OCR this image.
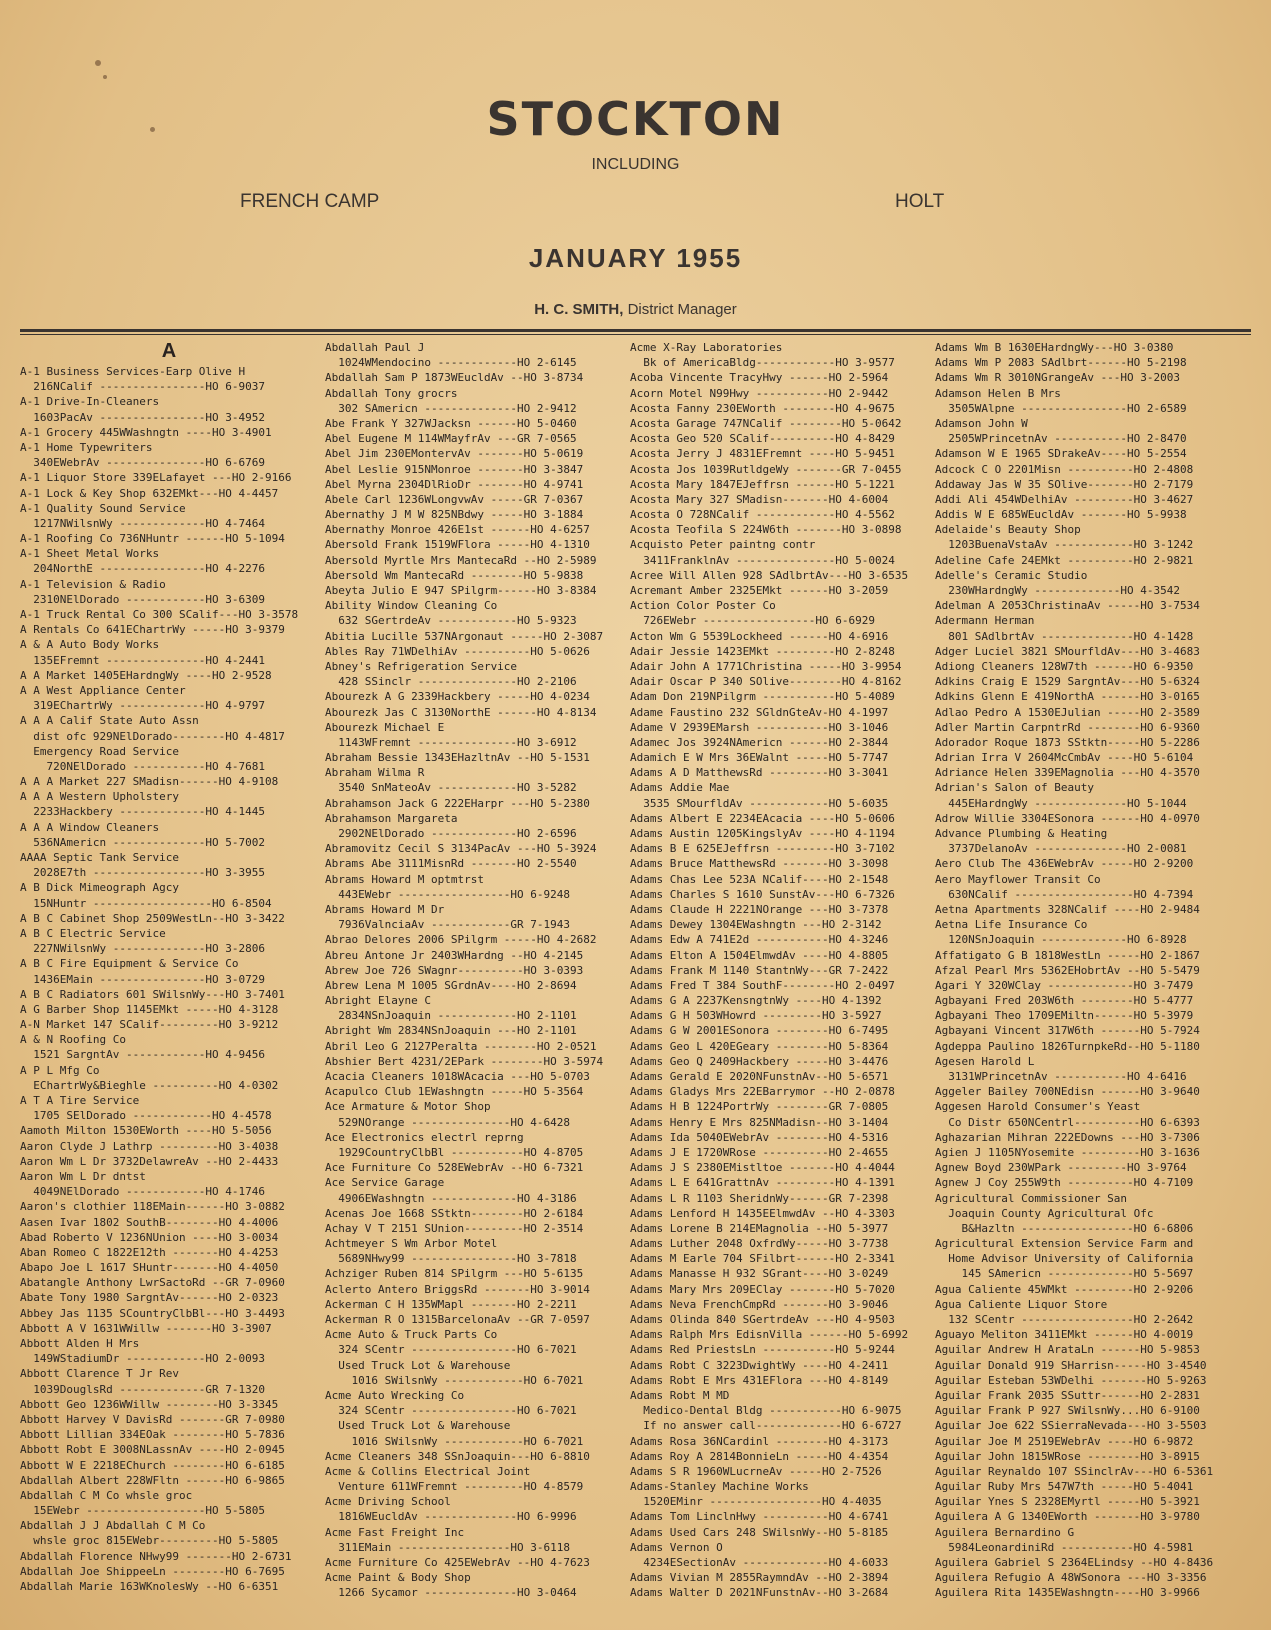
STOCKTON
INCLUDING
FRENCH CAMP	HOLT
JANUARY 1955
H. C. SMITH, District Manager
A
A-1 Business Services-Earp Olive H
216NCalif ----------------HO 6-9037
A-1 Drive-In-Cleaners
1603PacAv ----------------HO 3-4952
A-1 Grocery 445WWashngtn ----HO 3-4901
A-1 Home Typewriters
340EWebrAv ---------------HO 6-6769
A-1 Liquor Store 339ELafayet ---HO 2-9166
A-1 Lock & Key Shop 632EMkt---HO 4-4457
A-1 Quality Sound Service
1217NWilsnWy -------------HO 4-7464
A-1 Roofing Co 736NHuntr ------HO 5-1094
A-1 Sheet Metal Works
204NorthE ----------------HO 4-2276
A-1 Television & Radio
2310NElDorado ------------HO 3-6309
A-1 Truck Rental Co 300 SCalif---HO 3-3578
A Rentals Co 641EChartrWy -----HO 3-9379
A & A Auto Body Works
135EFremnt ---------------HO 4-2441
A A Market 1405EHardngWy ----HO 2-9528
A A West Appliance Center
319EChartrWy -------------HO 4-9797
A A A Calif State Auto Assn
dist ofc 929NElDorado--------HO 4-4817
Emergency Road Service
720NElDorado -----------HO 4-7681
A A A Market 227 SMadisn------HO 4-9108
A A A Western Upholstery
2233Hackbery -------------HO 4-1445
A A A Window Cleaners
536NAmericn --------------HO 5-7002
AAAA Septic Tank Service
2028E7th -----------------HO 3-3955
A B Dick Mimeograph Agcy
15NHuntr ------------------HO 6-8504
A B C Cabinet Shop 2509WestLn--HO 3-3422
A B C Electric Service
227NWilsnWy --------------HO 3-2806
A B C Fire Equipment & Service Co
1436EMain ----------------HO 3-0729
A B C Radiators 601 SWilsnWy---HO 3-7401
A G Barber Shop 1145EMkt -----HO 4-3128
A-N Market 147 SCalif---------HO 3-9212
A & N Roofing Co
1521 SargntAv ------------HO 4-9456
A P L Mfg Co
EChartrWy&Bieghle ----------HO 4-0302
A T A Tire Service
1705 SElDorado ------------HO 4-4578
Aamoth Milton 1530EWorth ----HO 5-5056
Aaron Clyde J Lathrp ---------HO 3-4038
Aaron Wm L Dr 3732DelawreAv --HO 2-4433
Aaron Wm L Dr dntst
4049NElDorado ------------HO 4-1746
Aaron's clothier 118EMain------HO 3-0882
Aasen Ivar 1802 SouthB--------HO 4-4006
Abad Roberto V 1236NUnion ----HO 3-0034
Aban Romeo C 1822E12th -------HO 4-4253
Abapo Joe L 1617 SHuntr-------HO 4-4050
Abatangle Anthony LwrSactoRd --GR 7-0960
Abate Tony 1980 SargntAv------HO 2-0323
Abbey Jas 1135 SCountryClbBl---HO 3-4493
Abbott A V 1631WWillw -------HO 3-3907
Abbott Alden H Mrs
149WStadiumDr ------------HO 2-0093
Abbott Clarence T Jr Rev
1039DouglsRd -------------GR 7-1320
Abbott Geo 1236WWillw --------HO 3-3345
Abbott Harvey V DavisRd -------GR 7-0980
Abbott Lillian 334EOak --------HO 5-7836
Abbott Robt E 3008NLassnAv ----HO 2-0945
Abbott W E 2218EChurch --------HO 6-6185
Abdallah Albert 228WFltn ------HO 6-9865
Abdallah C M Co whsle groc
15EWebr ------------------HO 5-5805
Abdallah J J Abdallah C M Co
whsle groc 815EWebr---------HO 5-5805
Abdallah Florence NHwy99 -------HO 2-6731
Abdallah Joe ShippeeLn --------HO 6-7695
Abdallah Marie 163WKnolesWy --HO 6-6351
Abdallah Paul J
1024WMendocino ------------HO 2-6145
Abdallah Sam P 1873WEucldAv --HO 3-8734
Abdallah Tony grocrs
302 SAmericn --------------HO 2-9412
Abe Frank Y 327WJacksn ------HO 5-0460
Abel Eugene M 114WMayfrAv ---GR 7-0565
Abel Jim 230EMontervAv -------HO 5-0619
Abel Leslie 915NMonroe -------HO 3-3847
Abel Myrna 2304DlRioDr -------HO 4-9741
Abele Carl 1236WLongvwAv -----GR 7-0367
Abernathy J M W 825NBdwy -----HO 3-1884
Abernathy Monroe 426E1st ------HO 4-6257
Abersold Frank 1519WFlora -----HO 4-1310
Abersold Myrtle Mrs MantecaRd --HO 2-5989
Abersold Wm MantecaRd --------HO 5-9838
Abeyta Julio E 947 SPilgrm------HO 3-8384
Ability Window Cleaning Co
632 SGertrdeAv ------------HO 5-9323
Abitia Lucille 537NArgonaut -----HO 2-3087
Ables Ray 71WDelhiAv ----------HO 5-0626
Abney's Refrigeration Service
428 SSinclr ---------------HO 2-2106
Abourezk A G 2339Hackbery -----HO 4-0234
Abourezk Jas C 3130NorthE ------HO 4-8134
Abourezk Michael E
1143WFremnt ---------------HO 3-6912
Abraham Bessie 1343EHazltnAv --HO 5-1531
Abraham Wilma R
3540 SnMateoAv ------------HO 3-5282
Abrahamson Jack G 222EHarpr ---HO 5-2380
Abrahamson Margareta
2902NElDorado -------------HO 2-6596
Abramovitz Cecil S 3134PacAv ---HO 5-3924
Abrams Abe 3111MisnRd -------HO 2-5540
Abrams Howard M optmtrst
443EWebr -----------------HO 6-9248
Abrams Howard M Dr
7936ValnciaAv ------------GR 7-1943
Abrao Delores 2006 SPilgrm -----HO 4-2682
Abreu Antone Jr 2403WHardng --HO 4-2145
Abrew Joe 726 SWagnr----------HO 3-0393
Abrew Lena M 1005 SGrdnAv----HO 2-8694
Abright Elayne C
2834NSnJoaquin ------------HO 2-1101
Abright Wm 2834NSnJoaquin ---HO 2-1101
Abril Leo G 2127Peralta --------HO 2-0521
Abshier Bert 4231/2EPark --------HO 3-5974
Acacia Cleaners 1018WAcacia ---HO 5-0703
Acapulco Club 1EWashngtn -----HO 5-3564
Ace Armature & Motor Shop
529NOrange ---------------HO 4-6428
Ace Electronics electrl reprng
1929CountryClbBl -----------HO 4-8705
Ace Furniture Co 528EWebrAv --HO 6-7321
Ace Service Garage
4906EWashngtn -------------HO 4-3186
Acenas Joe 1668 SStktn--------HO 2-6184
Achay V T 2151 SUnion---------HO 2-3514
Achtmeyer S Wm Arbor Motel
5689NHwy99 ----------------HO 3-7818
Achziger Ruben 814 SPilgrm ---HO 5-6135
Aclerto Antero BriggsRd -------HO 3-9014
Ackerman C H 135WMapl -------HO 2-2211
Ackerman R O 1315BarcelonaAv --GR 7-0597
Acme Auto & Truck Parts Co
324 SCentr ----------------HO 6-7021
Used Truck Lot & Warehouse
1016 SWilsnWy ------------HO 6-7021
Acme Auto Wrecking Co
324 SCentr ----------------HO 6-7021
Used Truck Lot & Warehouse
1016 SWilsnWy ------------HO 6-7021
Acme Cleaners 348 SSnJoaquin---HO 6-8810
Acme & Collins Electrical Joint
Venture 611WFremnt ---------HO 4-8579
Acme Driving School
1816WEucldAv --------------HO 6-9996
Acme Fast Freight Inc
311EMain -----------------HO 3-6118
Acme Furniture Co 425EWebrAv --HO 4-7623
Acme Paint & Body Shop
1266 Sycamor --------------HO 3-0464
Acme X-Ray Laboratories
Bk of AmericaBldg------------HO 3-9577
Acoba Vincente TracyHwy ------HO 2-5964
Acorn Motel N99Hwy -----------HO 2-9442
Acosta Fanny 230EWorth --------HO 4-9675
Acosta Garage 747NCalif --------HO 5-0642
Acosta Geo 520 SCalif----------HO 4-8429
Acosta Jerry J 4831EFremnt ----HO 5-9451
Acosta Jos 1039RutldgeWy -------GR 7-0455
Acosta Mary 1847EJeffrsn ------HO 5-1221
Acosta Mary 327 SMadisn-------HO 4-6004
Acosta O 728NCalif ------------HO 4-5562
Acosta Teofila S 224W6th -------HO 3-0898
Acquisto Peter paintng contr
3411FranklnAv ---------------HO 5-0024
Acree Will Allen 928 SAdlbrtAv---HO 3-6535
Acremant Amber 2325EMkt ------HO 3-2059
Action Color Poster Co
726EWebr -----------------HO 6-6929
Acton Wm G 5539Lockheed ------HO 4-6916
Adair Jessie 1423EMkt ---------HO 2-8248
Adair John A 1771Christina -----HO 3-9954
Adair Oscar P 340 SOlive--------HO 4-8162
Adam Don 219NPilgrm -----------HO 5-4089
Adame Faustino 232 SGldnGteAv-HO 4-1997
Adame V 2939EMarsh -----------HO 3-1046
Adamec Jos 3924NAmericn ------HO 2-3844
Adamich E W Mrs 36EWalnt -----HO 5-7747
Adams A D MatthewsRd ---------HO 3-3041
Adams Addie Mae
3535 SMourfldAv ------------HO 5-6035
Adams Albert E 2234EAcacia ----HO 5-0606
Adams Austin 1205KingslyAv ----HO 4-1194
Adams B E 625EJeffrsn ---------HO 3-7102
Adams Bruce MatthewsRd -------HO 3-3098
Adams Chas Lee 523A NCalif----HO 2-1548
Adams Charles S 1610 SunstAv---HO 6-7326
Adams Claude H 2221NOrange ---HO 3-7378
Adams Dewey 1304EWashngtn ---HO 2-3142
Adams Edw A 741E2d -----------HO 4-3246
Adams Elton A 1504ElmwdAv ----HO 4-8805
Adams Frank M 1140 StantnWy---GR 7-2422
Adams Fred T 384 SouthF--------HO 2-0497
Adams G A 2237KensngtnWy ----HO 4-1392
Adams G H 503WHowrd ---------HO 3-5927
Adams G W 2001ESonora --------HO 6-7495
Adams Geo L 420EGeary --------HO 5-8364
Adams Geo Q 2409Hackbery -----HO 3-4476
Adams Gerald E 2020NFunstnAv--HO 5-6571
Adams Gladys Mrs 22EBarrymor --HO 2-0878
Adams H B 1224PortrWy --------GR 7-0805
Adams Henry E Mrs 825NMadisn--HO 3-1404
Adams Ida 5040EWebrAv --------HO 4-5316
Adams J E 1720WRose ----------HO 2-4655
Adams J S 2380EMistltoe -------HO 4-4044
Adams L E 641GrattnAv ---------HO 4-1391
Adams L R 1103 SheridnWy------GR 7-2398
Adams Lenford H 1435EElmwdAv --HO 4-3303
Adams Lorene B 214EMagnolia --HO 5-3977
Adams Luther 2048 OxfrdWy-----HO 3-7738
Adams M Earle 704 SFilbrt------HO 2-3341
Adams Manasse H 932 SGrant----HO 3-0249
Adams Mary Mrs 209EClay -------HO 5-7020
Adams Neva FrenchCmpRd -------HO 3-9046
Adams Olinda 840 SGertrdeAv ---HO 4-9503
Adams Ralph Mrs EdisnVilla ------HO 5-6992
Adams Red PriestsLn -----------HO 5-9244
Adams Robt C 3223DwightWy ----HO 4-2411
Adams Robt E Mrs 431EFlora ---HO 4-8149
Adams Robt M MD
Medico-Dental Bldg -----------HO 6-9075
If no answer call-------------HO 6-6727
Adams Rosa 36NCardinl --------HO 4-3173
Adams Roy A 2814BonnieLn -----HO 4-4354
Adams S R 1960WLucrneAv -----HO 2-7526
Adams-Stanley Machine Works
1520EMinr -----------------HO 4-4035
Adams Tom LinclnHwy ----------HO 4-6741
Adams Used Cars 248 SWilsnWy--HO 5-8185
Adams Vernon O
4234ESectionAv -------------HO 4-6033
Adams Vivian M 2855RaymndAv --HO 2-3894
Adams Walter D 2021NFunstnAv--HO 3-2684
Adams Wm B 1630EHardngWy---HO 3-0380
Adams Wm P 2083 SAdlbrt------HO 5-2198
Adams Wm R 3010NGrangeAv ---HO 3-2003
Adamson Helen B Mrs
3505WAlpne ----------------HO 2-6589
Adamson John W
2505WPrincetnAv -----------HO 2-8470
Adamson W E 1965 SDrakeAv----HO 5-2554
Adcock C O 2201Misn ----------HO 2-4808
Addaway Jas W 35 SOlive-------HO 2-7179
Addi Ali 454WDelhiAv ---------HO 3-4627
Addis W E 685WEucldAv -------HO 5-9938
Adelaide's Beauty Shop
1203BuenaVstaAv ------------HO 3-1242
Adeline Cafe 24EMkt ----------HO 2-9821
Adelle's Ceramic Studio
230WHardngWy -------------HO 4-3542
Adelman A 2053ChristinaAv -----HO 3-7534
Adermann Herman
801 SAdlbrtAv --------------HO 4-1428
Adger Luciel 3821 SMourfldAv---HO 3-4683
Adiong Cleaners 128W7th ------HO 6-9350
Adkins Craig E 1529 SargntAv---HO 5-6324
Adkins Glenn E 419NorthA ------HO 3-0165
Adlao Pedro A 1530EJulian -----HO 2-3589
Adler Martin CarpntrRd --------HO 6-9360
Adorador Roque 1873 SStktn-----HO 5-2286
Adrian Irra V 2604McCmbAv ----HO 5-6104
Adriance Helen 339EMagnolia ---HO 4-3570
Adrian's Salon of Beauty
445EHardngWy --------------HO 5-1044
Adrow Willie 3304ESonora ------HO 4-0970
Advance Plumbing & Heating
3737DelanoAv --------------HO 2-0081
Aero Club The 436EWebrAv -----HO 2-9200
Aero Mayflower Transit Co
630NCalif ------------------HO 4-7394
Aetna Apartments 328NCalif ----HO 2-9484
Aetna Life Insurance Co
120NSnJoaquin -------------HO 6-8928
Affatigato G B 1818WestLn -----HO 2-1867
Afzal Pearl Mrs 5362EHobrtAv --HO 5-5479
Agari Y 320WClay -------------HO 3-7479
Agbayani Fred 203W6th --------HO 5-4777
Agbayani Theo 1709EMiltn------HO 5-3979
Agbayani Vincent 317W6th ------HO 5-7924
Agdeppa Paulino 1826TurnpkeRd--HO 5-1180
Agesen Harold L
3131WPrincetnAv -----------HO 4-6416
Aggeler Bailey 700NEdisn ------HO 3-9640
Aggesen Harold Consumer's Yeast
Co Distr 650NCentrl----------HO 6-6393
Aghazarian Mihran 222EDowns ---HO 3-7306
Agien J 1105NYosemite ---------HO 3-1636
Agnew Boyd 230WPark ---------HO 3-9764
Agnew J Coy 255W9th ----------HO 4-7109
Agricultural Commissioner San
Joaquin County Agricultural Ofc
B&Hazltn -----------------HO 6-6806
Agricultural Extension Service Farm and
Home Advisor University of California
145 SAmericn -------------HO 5-5697
Agua Caliente 45WMkt ---------HO 2-9206
Agua Caliente Liquor Store
132 SCentr -----------------HO 2-2642
Aguayo Meliton 3411EMkt ------HO 4-0019
Aguilar Andrew H ArataLn ------HO 5-9853
Aguilar Donald 919 SHarrisn-----HO 3-4540
Aguilar Esteban 53WDelhi -------HO 5-9263
Aguilar Frank 2035 SSuttr------HO 2-2831
Aguilar Frank P 927 SWilsnWy...HO 6-9100
Aguilar Joe 622 SSierraNevada---HO 3-5503
Aguilar Joe M 2519EWebrAv ----HO 6-9872
Aguilar John 1815WRose --------HO 3-8915
Aguilar Reynaldo 107 SSinclrAv---HO 6-5361
Aguilar Ruby Mrs 547W7th -----HO 5-4041
Aguilar Ynes S 2328EMyrtl -----HO 5-3921
Aguilera A G 1340EWorth -------HO 3-9780
Aguilera Bernardino G
5984LeonardiniRd -----------HO 4-5981
Aguilera Gabriel S 2364ELindsy --HO 4-8436
Aguilera Refugio A 48WSonora ---HO 3-3356
Aguilera Rita 1435EWashngtn----HO 3-9966
